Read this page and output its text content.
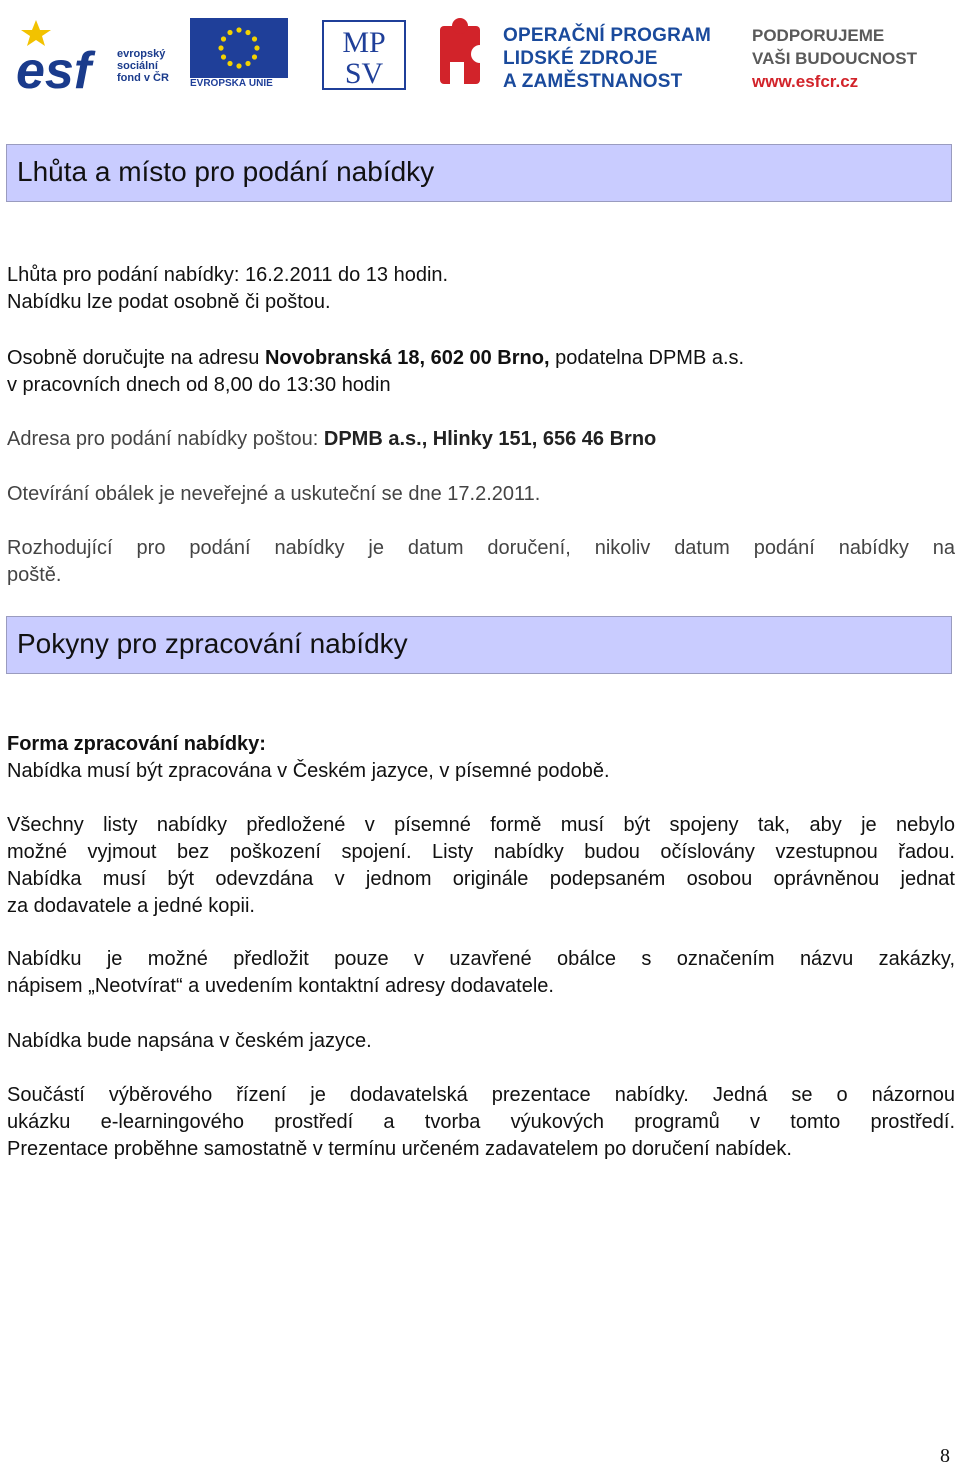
esf	evropský
sociální
fond v ČR EVROPSKÁ UNIE
MP
SV
OPERAČNÍ PROGRAM
LIDSKÉ ZDROJE
A ZAMĚSTNANOST
PODPORUJEME
VAŠI BUDOUCNOST
www.esfcr.cz
Lhůta a místo pro podání nabídky
Lhůta pro podání nabídky: 16.2.2011 do 13 hodin.
Nabídku lze podat osobně či poštou.
Osobně doručujte na adresu Novobranská 18, 602 00 Brno, podatelna DPMB a.s.
v pracovních dnech od 8,00 do 13:30 hodin
Adresa pro podání nabídky poštou: DPMB a.s., Hlinky 151, 656 46 Brno
Otevírání obálek je neveřejné a uskuteční se dne 17.2.2011.
Rozhodující pro podání nabídky je datum doručení, nikoliv datum podání nabídky na
poště.
Pokyny pro zpracování nabídky
Forma zpracování nabídky:
Nabídka musí být zpracována v Českém jazyce, v písemné podobě.
Všechny listy nabídky předložené v písemné formě musí být spojeny tak, aby je nebylo
možné vyjmout bez poškození spojení. Listy nabídky budou očíslovány vzestupnou řadou.
Nabídka musí být odevzdána v jednom originále podepsaném osobou oprávněnou jednat
za dodavatele a jedné kopii.
Nabídku je možné předložit pouze v uzavřené obálce s označením názvu zakázky,
nápisem „Neotvírat“ a uvedením kontaktní adresy dodavatele.
Nabídka bude napsána v českém jazyce.
Součástí výběrového řízení je dodavatelská prezentace nabídky. Jedná se o názornou
ukázku e-learningového prostředí a tvorba výukových programů v tomto prostředí.
Prezentace proběhne samostatně v termínu určeném zadavatelem po doručení nabídek.
8
